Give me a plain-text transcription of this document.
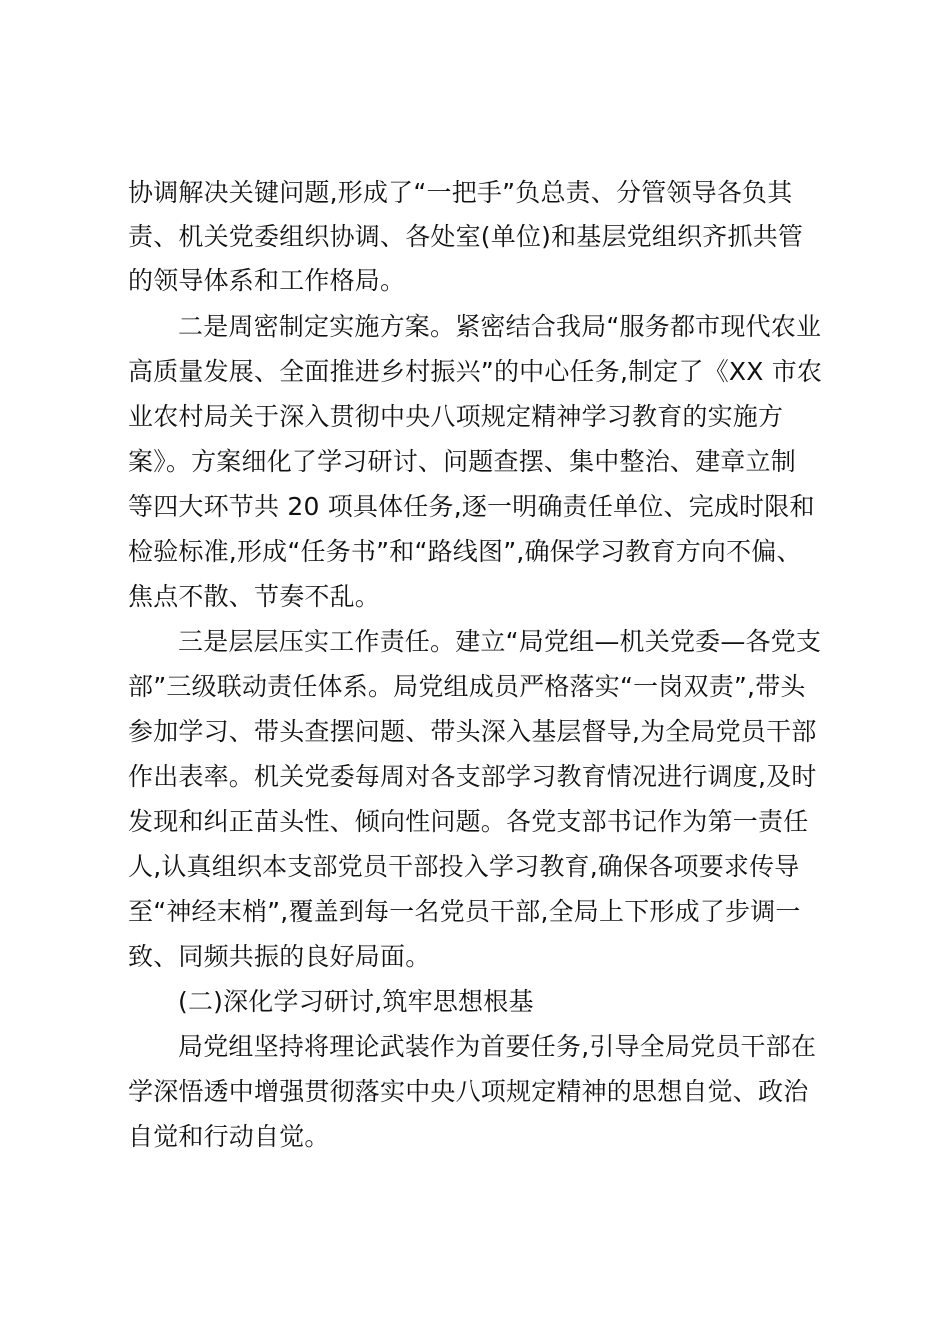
协调解决关键问题,形成了“一把手”负总责、分管领导各负其
责、机关党委组织协调、各处室(单位)和基层党组织齐抓共管
的领导体系和工作格局。
二是周密制定实施方案。紧密结合我局“服务都市现代农业
高质量发展、全面推进乡村振兴”的中心任务,制定了《XX 市农
业农村局关于深入贯彻中央八项规定精神学习教育的实施方
案》。方案细化了学习研讨、问题查摆、集中整治、建章立制
等四大环节共 20 项具体任务,逐一明确责任单位、完成时限和
检验标准,形成“任务书”和“路线图”,确保学习教育方向不偏、
焦点不散、节奏不乱。
三是层层压实工作责任。建立“局党组—机关党委—各党支
部”三级联动责任体系。局党组成员严格落实“一岗双责”,带头
参加学习、带头查摆问题、带头深入基层督导,为全局党员干部
作出表率。机关党委每周对各支部学习教育情况进行调度,及时
发现和纠正苗头性、倾向性问题。各党支部书记作为第一责任
人,认真组织本支部党员干部投入学习教育,确保各项要求传导
至“神经末梢”,覆盖到每一名党员干部,全局上下形成了步调一
致、同频共振的良好局面。
(二)深化学习研讨,筑牢思想根基
局党组坚持将理论武装作为首要任务,引导全局党员干部在
学深悟透中增强贯彻落实中央八项规定精神的思想自觉、政治
自觉和行动自觉。
